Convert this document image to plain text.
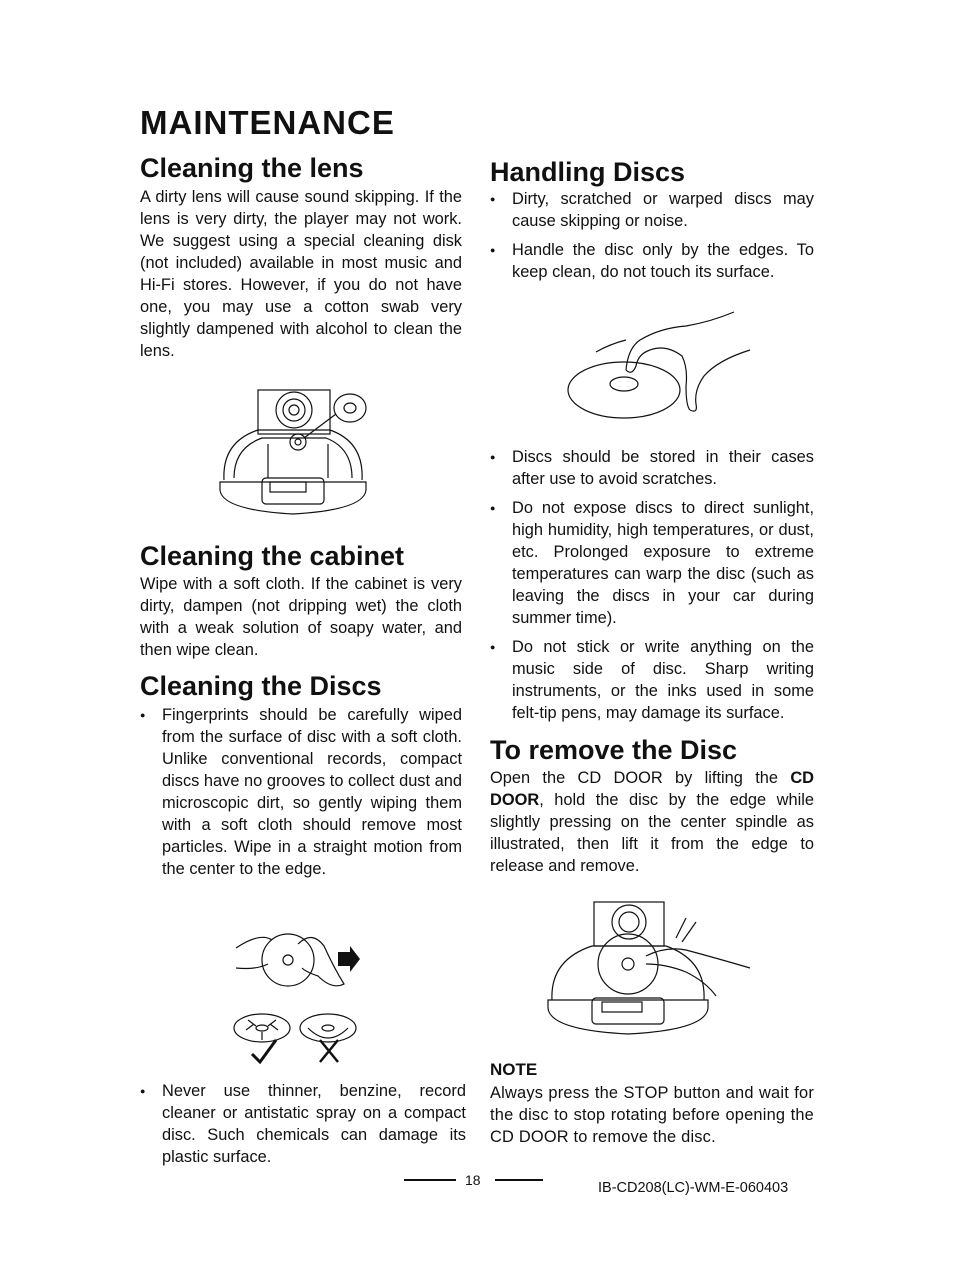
MAINTENANCE
Cleaning the lens

A dirty lens will cause sound skipping. If the lens is very dirty, the player may not work. We suggest using a special cleaning disk (not included) available in most music and Hi-Fi stores. However, if you do not have one, you may use a cotton swab very slightly dampened with alcohol to clean the lens.

Cleaning the cabinet

Wipe with a soft cloth. If the cabinet is very dirty, dampen (not dripping wet) the cloth with a weak solution of soapy water, and then wipe clean.

Cleaning the Discs
● Fingerprints should be carefully wiped from the surface of disc with a soft cloth. Unlike conventional records, compact discs have no grooves to collect dust and microscopic dirt, so gently wiping them with a soft cloth should remove most particles. Wipe in a straight motion from the center to the edge.
● Never use thinner, benzine, record cleaner or antistatic spray on a compact disc. Such chemicals can damage its plastic surface.
Handling Discs
● Dirty, scratched or warped discs may cause skipping or noise.
● Handle the disc only by the edges. To keep clean, do not touch its surface.
● Discs should be stored in their cases after use to avoid scratches.
● Do not expose discs to direct sunlight, high humidity, high temperatures, or dust, etc. Prolonged exposure to extreme temperatures can warp the disc (such as leaving the discs in your car during summer time).
● Do not stick or write anything on the music side of disc. Sharp writing instruments, or the inks used in some felt-tip pens, may damage its surface.
To remove the Disc

Open the CD DOOR by lifting the CD DOOR, hold the disc by the edge while slightly pressing on the center spindle as illustrated, then lift it from the edge to release and remove.

NOTE

Always press the STOP button and wait for the disc to stop rotating before opening the CD DOOR to remove the disc.

18	IB-CD208(LC)-WM-E-060403
